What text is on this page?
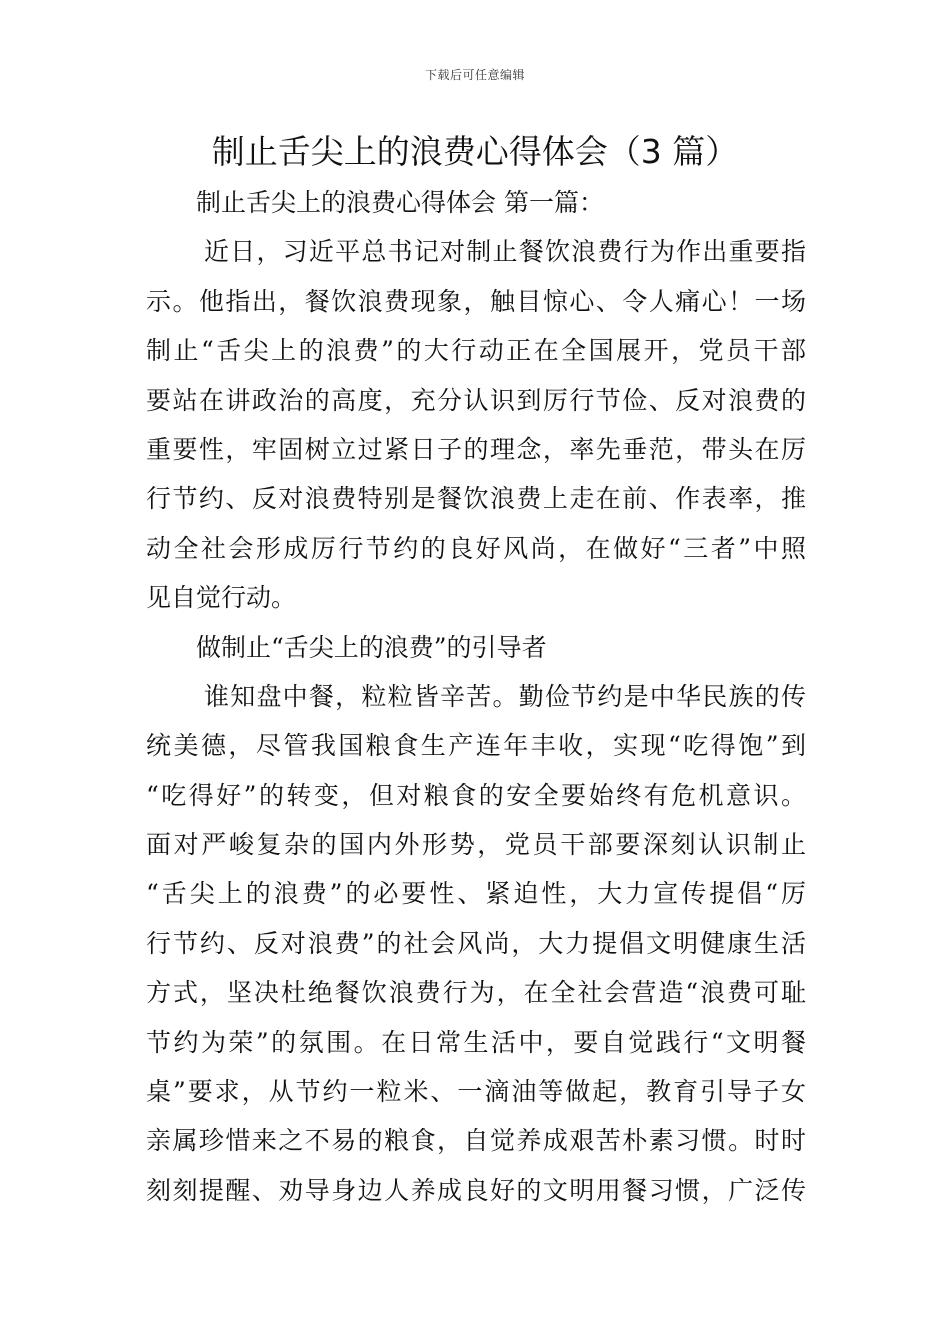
下载后可任意编辑
制止舌尖上的浪费心得体会（3 篇）
制止舌尖上的浪费心得体会 第一篇：
近日，习近平总书记对制止餐饮浪费行为作出重要指
示。他指出，餐饮浪费现象，触目惊心、令人痛心！一场
制止“舌尖上的浪费”的大行动正在全国展开，党员干部
要站在讲政治的高度，充分认识到厉行节俭、反对浪费的
重要性，牢固树立过紧日子的理念，率先垂范，带头在厉
行节约、反对浪费特别是餐饮浪费上走在前、作表率，推
动全社会形成厉行节约的良好风尚，在做好“三者”中照
见自觉行动。
做制止“舌尖上的浪费”的引导者
谁知盘中餐，粒粒皆辛苦。勤俭节约是中华民族的传
统美德，尽管我国粮食生产连年丰收，实现“吃得饱”到
“吃得好”的转变，但对粮食的安全要始终有危机意识。
面对严峻复杂的国内外形势，党员干部要深刻认识制止
“舌尖上的浪费”的必要性、紧迫性，大力宣传提倡“厉
行节约、反对浪费”的社会风尚，大力提倡文明健康生活
方式，坚决杜绝餐饮浪费行为，在全社会营造“浪费可耻
节约为荣”的氛围。在日常生活中，要自觉践行“文明餐
桌”要求，从节约一粒米、一滴油等做起，教育引导子女
亲属珍惜来之不易的粮食，自觉养成艰苦朴素习惯。时时
刻刻提醒、劝导身边人养成良好的文明用餐习惯，广泛传
